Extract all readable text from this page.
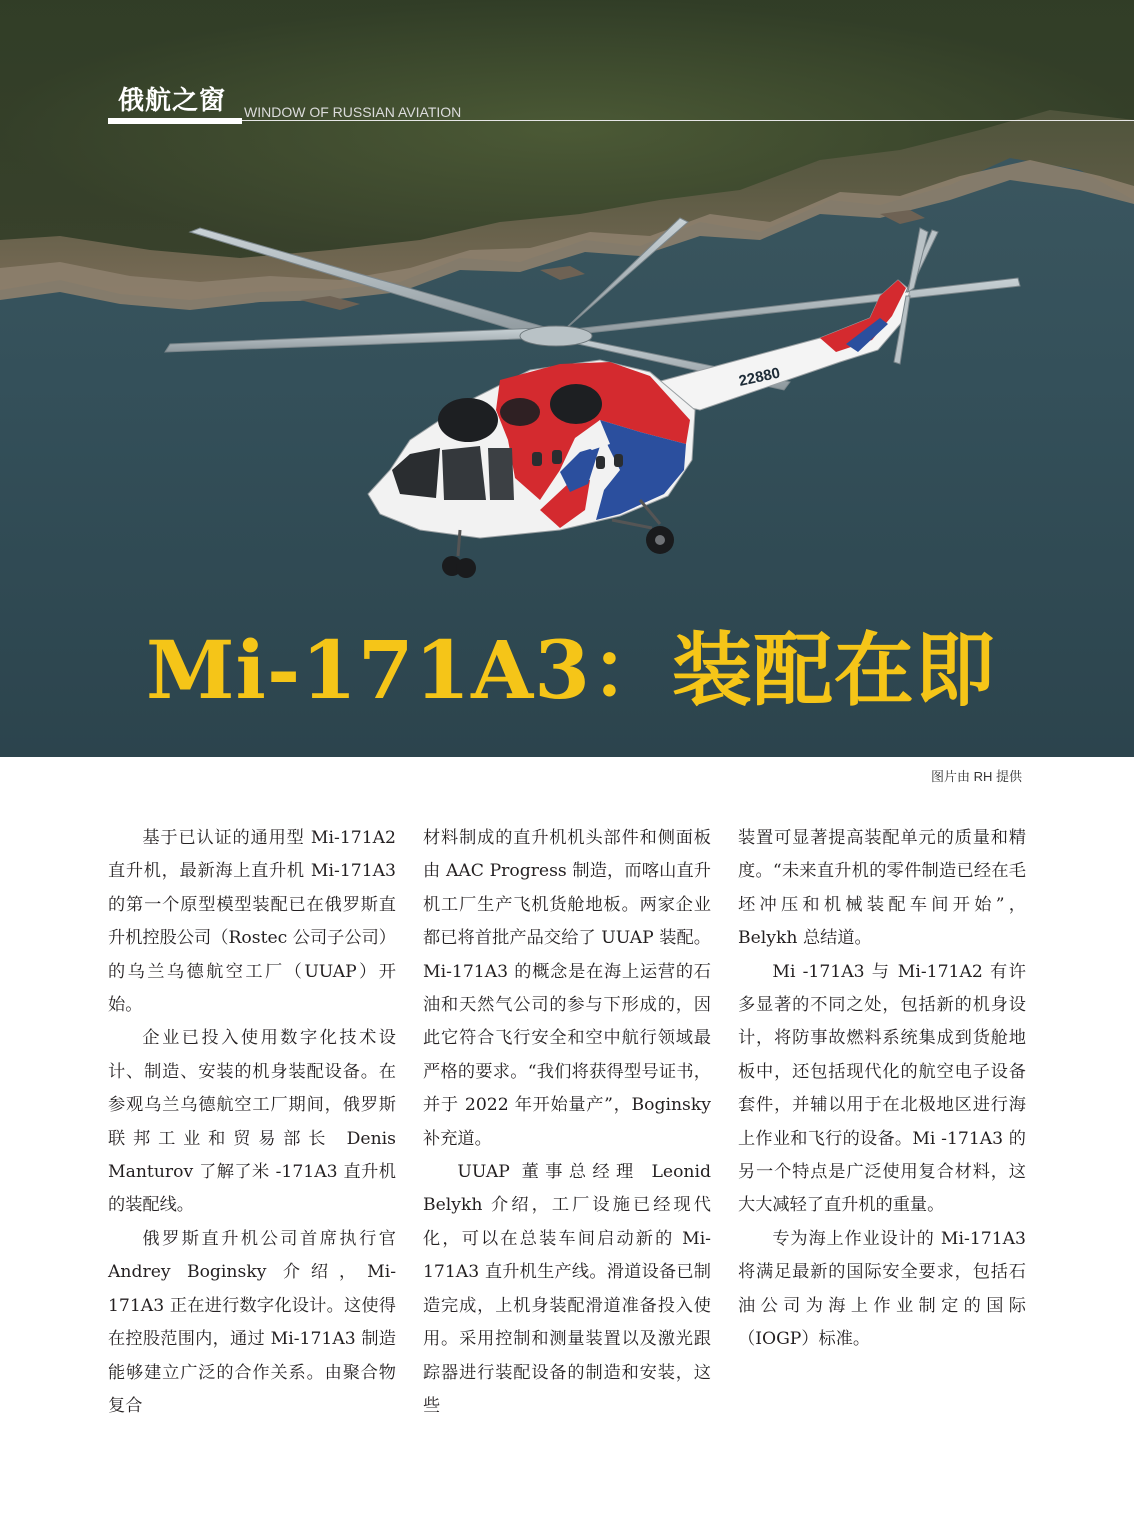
22880
俄航之窗 WINDOW OF RUSSIAN AVIATION
Mi-171A3：装配在即
图片由 RH 提供

基于已认证的通用型 Mi-171A2 直升机，最新海上直升机 Mi-171A3 的第一个原型模型装配已在俄罗斯直升机控股公司（Rostec 公司子公司）的乌兰乌德航空工厂（UUAP）开始。

企业已投入使用数字化技术设计、制造、安装的机身装配设备。在参观乌兰乌德航空工厂期间，俄罗斯联邦工业和贸易部长 Denis Manturov 了解了米 -171A3 直升机的装配线。

俄罗斯直升机公司首席执行官 Andrey Boginsky 介绍，Mi-171A3 正在进行数字化设计。这使得在控股范围内，通过 Mi-171A3 制造能够建立广泛的合作关系。由聚合物复合

材料制成的直升机机头部件和侧面板由 AAC Progress 制造，而喀山直升机工厂生产飞机货舱地板。两家企业都已将首批产品交给了 UUAP 装配。Mi-171A3 的概念是在海上运营的石油和天然气公司的参与下形成的，因此它符合飞行安全和空中航行领域最严格的要求。“我们将获得型号证书，并于 2022 年开始量产”，Boginsky 补充道。

UUAP 董事总经理 Leonid Belykh 介绍，工厂设施已经现代化，可以在总装车间启动新的 Mi-171A3 直升机生产线。滑道设备已制造完成，上机身装配滑道准备投入使用。采用控制和测量装置以及激光跟踪器进行装配设备的制造和安装，这些

装置可显著提高装配单元的质量和精度。“未来直升机的零件制造已经在毛坯冲压和机械装配车间开始”，Belykh 总结道。

Mi -171A3 与 Mi-171A2 有许多显著的不同之处，包括新的机身设计，将防事故燃料系统集成到货舱地板中，还包括现代化的航空电子设备套件，并辅以用于在北极地区进行海上作业和飞行的设备。Mi -171A3 的另一个特点是广泛使用复合材料，这大大减轻了直升机的重量。

专为海上作业设计的 Mi-171A3 将满足最新的国际安全要求，包括石油公司为海上作业制定的国际（IOGP）标准。
